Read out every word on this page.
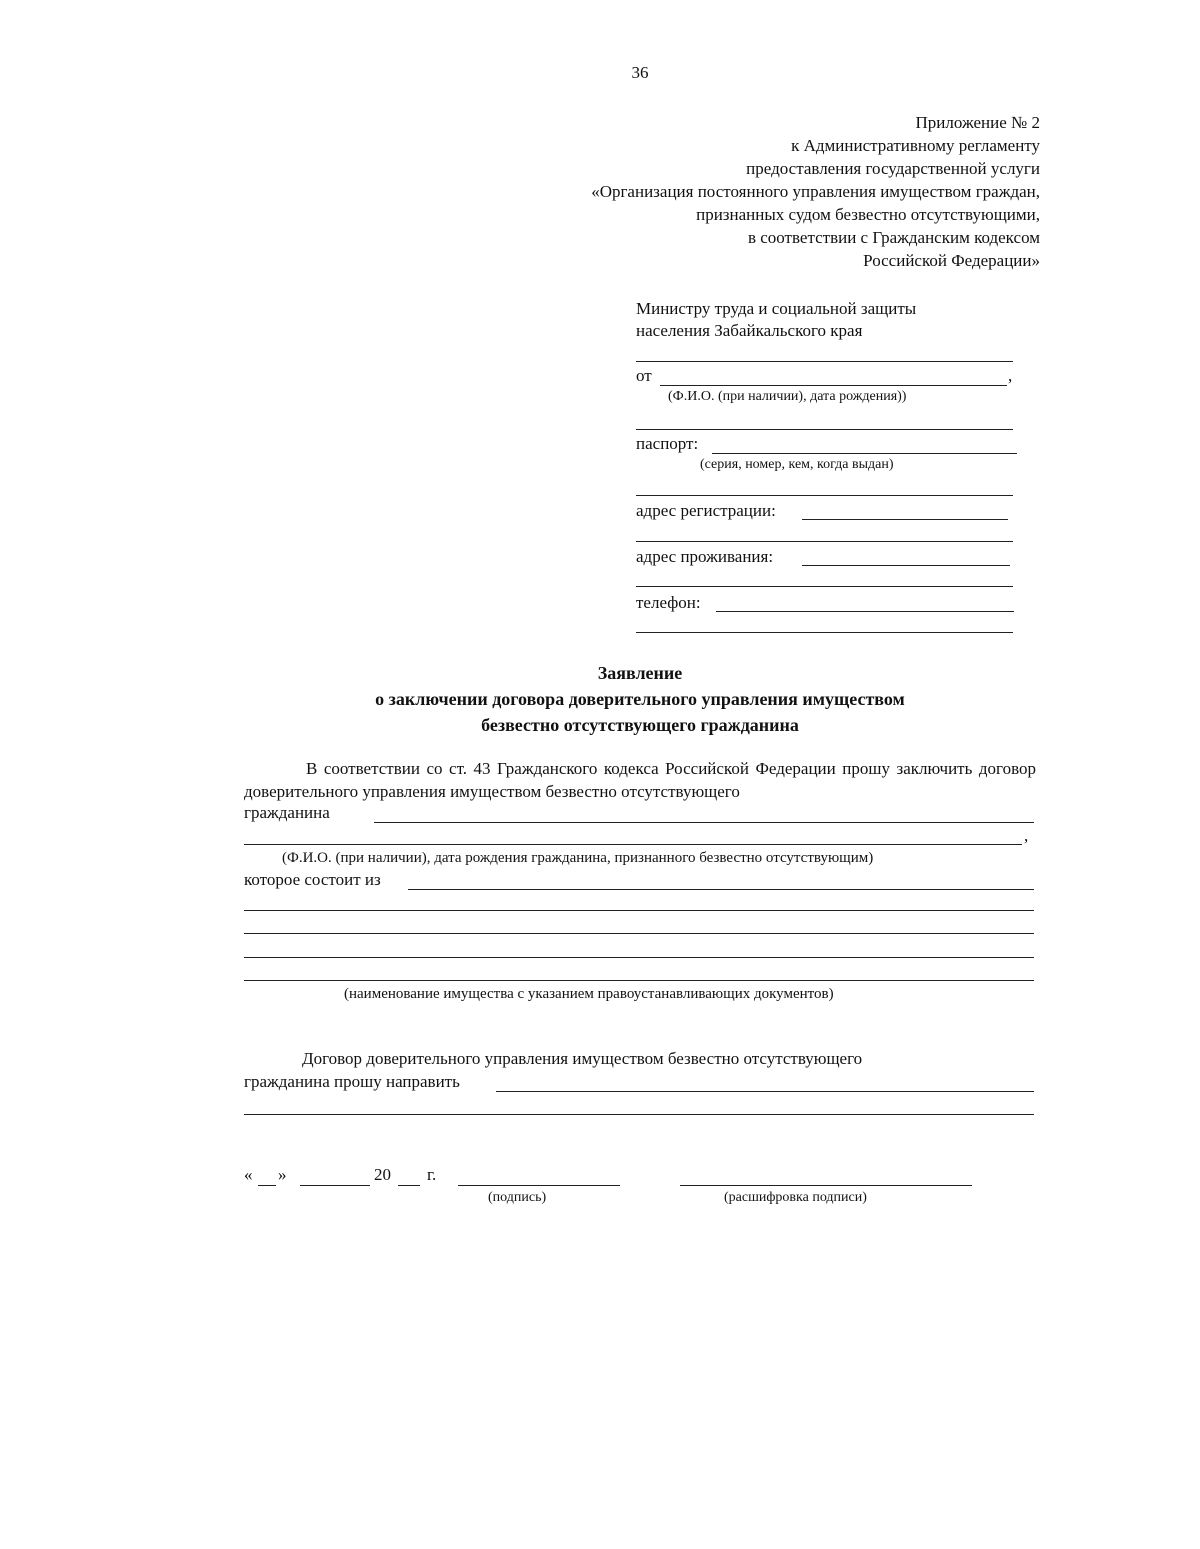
36
Приложение № 2
к Административному регламенту
предоставления государственной услуги
«Организация постоянного управления имуществом граждан,
признанных судом безвестно отсутствующими,
в соответствии с Гражданским кодексом
Российской Федерации»
Министру труда и социальной защиты
населения Забайкальского края
от	,
(Ф.И.О. (при наличии), дата рождения))
паспорт:
(серия, номер, кем, когда выдан)
адрес регистрации:
адрес проживания:
телефон:
Заявление
о заключении договора доверительного управления имуществом
безвестно отсутствующего гражданина
В соответствии со ст. 43 Гражданского кодекса Российской Федерации прошу заключить договор доверительного управления имуществом безвестно отсутствующего
гражданина
,
(Ф.И.О. (при наличии), дата рождения гражданина, признанного безвестно отсутствующим)
которое состоит из
(наименование имущества с указанием правоустанавливающих документов)
Договор доверительного управления имуществом безвестно отсутствующего
гражданина прошу направить
« »	20 г.
(подпись)	(расшифровка подписи)
